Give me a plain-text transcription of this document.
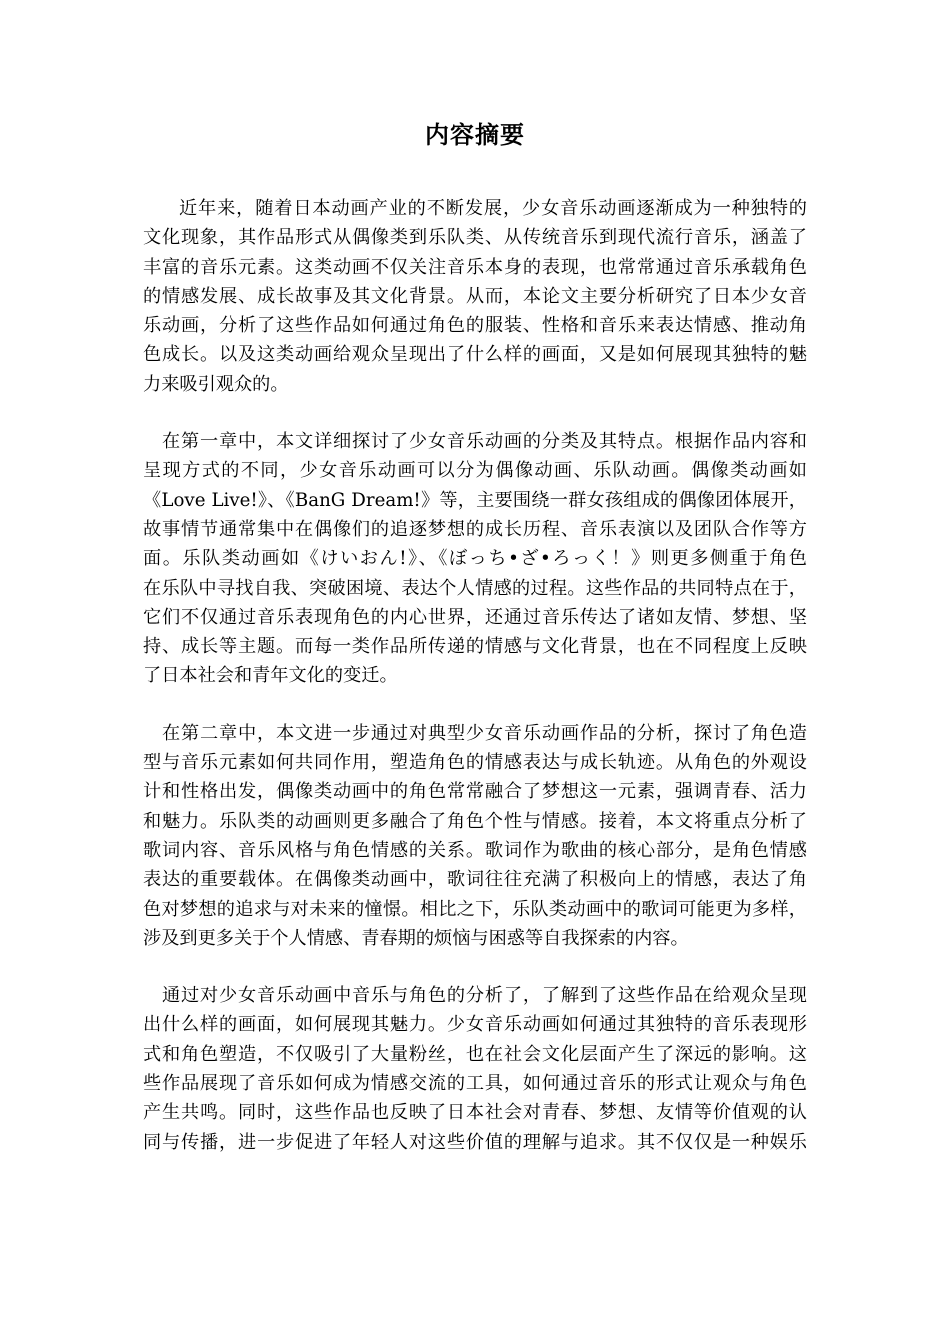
内容摘要
近年来，随着日本动画产业的不断发展，少女音乐动画逐渐成为一种独特的
文化现象，其作品形式从偶像类到乐队类、从传统音乐到现代流行音乐，涵盖了
丰富的音乐元素。这类动画不仅关注音乐本身的表现，也常常通过音乐承载角色
的情感发展、成长故事及其文化背景。从而，本论文主要分析研究了日本少女音
乐动画，分析了这些作品如何通过角色的服装、性格和音乐来表达情感、推动角
色成长。以及这类动画给观众呈现出了什么样的画面，又是如何展现其独特的魅
力来吸引观众的。
在第一章中，本文详细探讨了少女音乐动画的分类及其特点。根据作品内容和
呈现方式的不同，少女音乐动画可以分为偶像动画、乐队动画。偶像类动画如
《Love Live!》、《BanG Dream!》等，主要围绕一群女孩组成的偶像团体展开，
故事情节通常集中在偶像们的追逐梦想的成长历程、音乐表演以及团队合作等方
面。乐队类动画如《けいおん!》、《ぼっち•ざ•ろっく！》则更多侧重于角色
在乐队中寻找自我、突破困境、表达个人情感的过程。这些作品的共同特点在于，
它们不仅通过音乐表现角色的内心世界，还通过音乐传达了诸如友情、梦想、坚
持、成长等主题。而每一类作品所传递的情感与文化背景，也在不同程度上反映
了日本社会和青年文化的变迁。
在第二章中，本文进一步通过对典型少女音乐动画作品的分析，探讨了角色造
型与音乐元素如何共同作用，塑造角色的情感表达与成长轨迹。从角色的外观设
计和性格出发，偶像类动画中的角色常常融合了梦想这一元素，强调青春、活力
和魅力。乐队类的动画则更多融合了角色个性与情感。接着，本文将重点分析了
歌词内容、音乐风格与角色情感的关系。歌词作为歌曲的核心部分，是角色情感
表达的重要载体。在偶像类动画中，歌词往往充满了积极向上的情感，表达了角
色对梦想的追求与对未来的憧憬。相比之下，乐队类动画中的歌词可能更为多样，
涉及到更多关于个人情感、青春期的烦恼与困惑等自我探索的内容。
通过对少女音乐动画中音乐与角色的分析了，了解到了这些作品在给观众呈现
出什么样的画面，如何展现其魅力。少女音乐动画如何通过其独特的音乐表现形
式和角色塑造，不仅吸引了大量粉丝，也在社会文化层面产生了深远的影响。这
些作品展现了音乐如何成为情感交流的工具，如何通过音乐的形式让观众与角色
产生共鸣。同时，这些作品也反映了日本社会对青春、梦想、友情等价值观的认
同与传播，进一步促进了年轻人对这些价值的理解与追求。其不仅仅是一种娱乐
